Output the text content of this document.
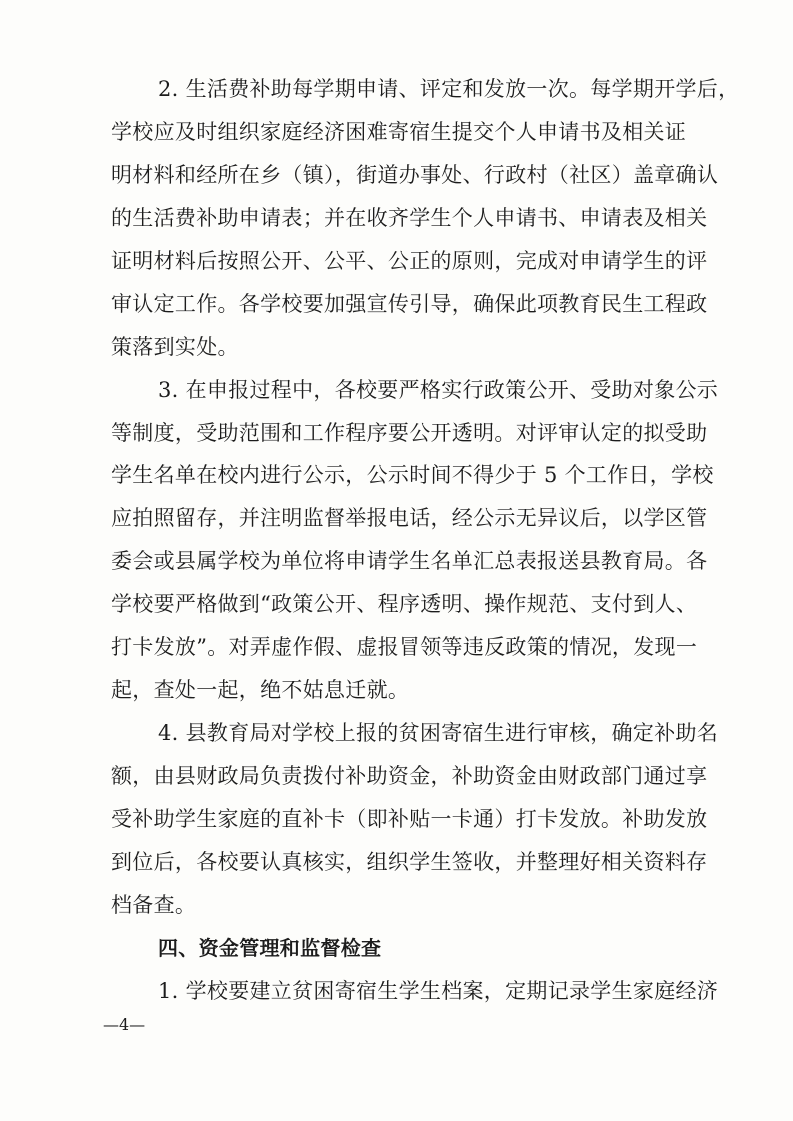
—4—
2. 生活费补助每学期申请、评定和发放一次。每学期开学后，
学校应及时组织家庭经济困难寄宿生提交个人申请书及相关证
明材料和经所在乡（镇），街道办事处、行政村（社区）盖章确认
的生活费补助申请表；并在收齐学生个人申请书、申请表及相关
证明材料后按照公开、公平、公正的原则，完成对申请学生的评
审认定工作。各学校要加强宣传引导，确保此项教育民生工程政
策落到实处。
3. 在申报过程中，各校要严格实行政策公开、受助对象公示
等制度，受助范围和工作程序要公开透明。对评审认定的拟受助
学生名单在校内进行公示，公示时间不得少于 5 个工作日，学校
应拍照留存，并注明监督举报电话，经公示无异议后，以学区管
委会或县属学校为单位将申请学生名单汇总表报送县教育局。各
学校要严格做到“政策公开、程序透明、操作规范、支付到人、
打卡发放”。对弄虚作假、虚报冒领等违反政策的情况，发现一
起，查处一起，绝不姑息迁就。
4. 县教育局对学校上报的贫困寄宿生进行审核，确定补助名
额，由县财政局负责拨付补助资金，补助资金由财政部门通过享
受补助学生家庭的直补卡（即补贴一卡通）打卡发放。补助发放
到位后，各校要认真核实，组织学生签收，并整理好相关资料存
档备查。
四、资金管理和监督检查
1. 学校要建立贫困寄宿生学生档案，定期记录学生家庭经济
